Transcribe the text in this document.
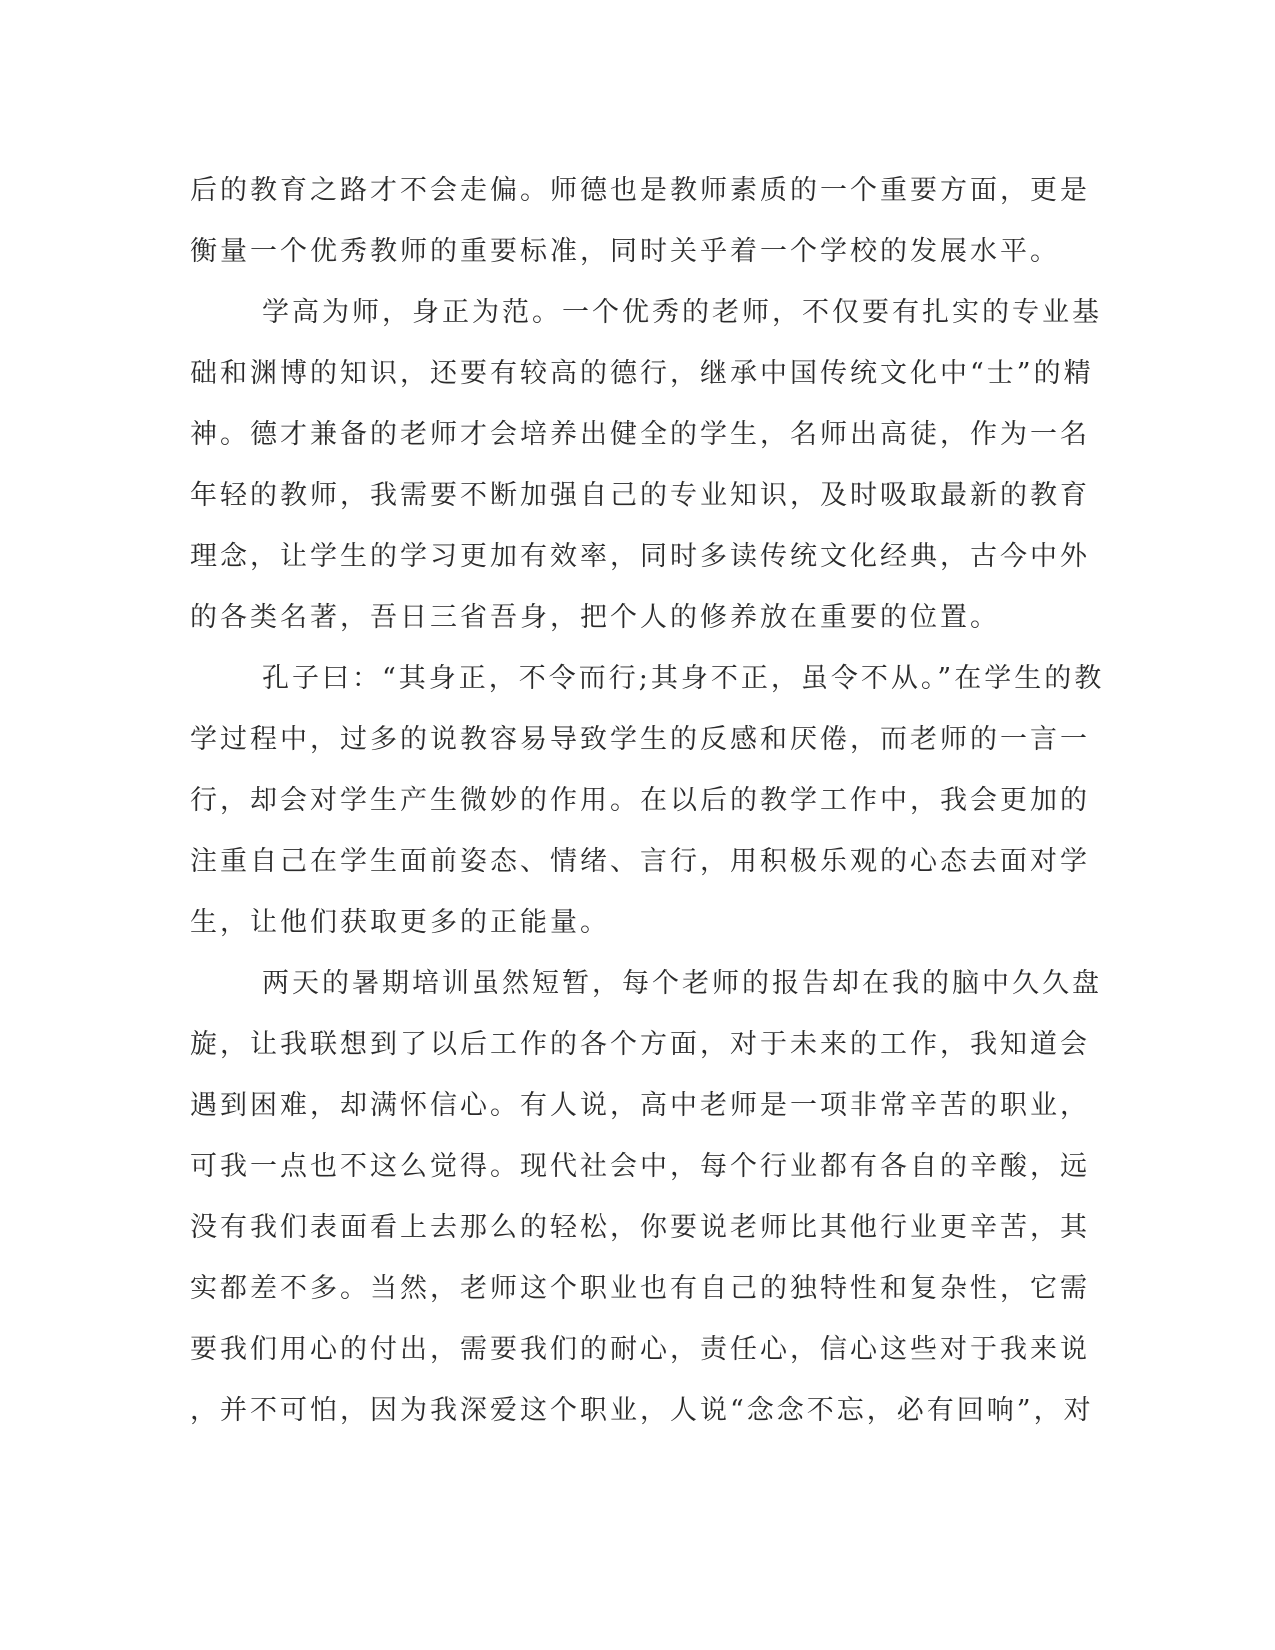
后的教育之路才不会走偏。师德也是教师素质的一个重要方面，更是
衡量一个优秀教师的重要标准，同时关乎着一个学校的发展水平。
学高为师，身正为范。一个优秀的老师，不仅要有扎实的专业基
础和渊博的知识，还要有较高的德行，继承中国传统文化中“士”的精
神。德才兼备的老师才会培养出健全的学生，名师出高徒，作为一名
年轻的教师，我需要不断加强自己的专业知识，及时吸取最新的教育
理念，让学生的学习更加有效率，同时多读传统文化经典，古今中外
的各类名著，吾日三省吾身，把个人的修养放在重要的位置。
孔子曰：“其身正，不令而行;其身不正，虽令不从。”在学生的教
学过程中，过多的说教容易导致学生的反感和厌倦，而老师的一言一
行，却会对学生产生微妙的作用。在以后的教学工作中，我会更加的
注重自己在学生面前姿态、情绪、言行，用积极乐观的心态去面对学
生，让他们获取更多的正能量。
两天的暑期培训虽然短暂，每个老师的报告却在我的脑中久久盘
旋，让我联想到了以后工作的各个方面，对于未来的工作，我知道会
遇到困难，却满怀信心。有人说，高中老师是一项非常辛苦的职业，
可我一点也不这么觉得。现代社会中，每个行业都有各自的辛酸，远
没有我们表面看上去那么的轻松，你要说老师比其他行业更辛苦，其
实都差不多。当然，老师这个职业也有自己的独特性和复杂性，它需
要我们用心的付出，需要我们的耐心，责任心，信心这些对于我来说
，并不可怕，因为我深爱这个职业，人说“念念不忘，必有回响”，对
